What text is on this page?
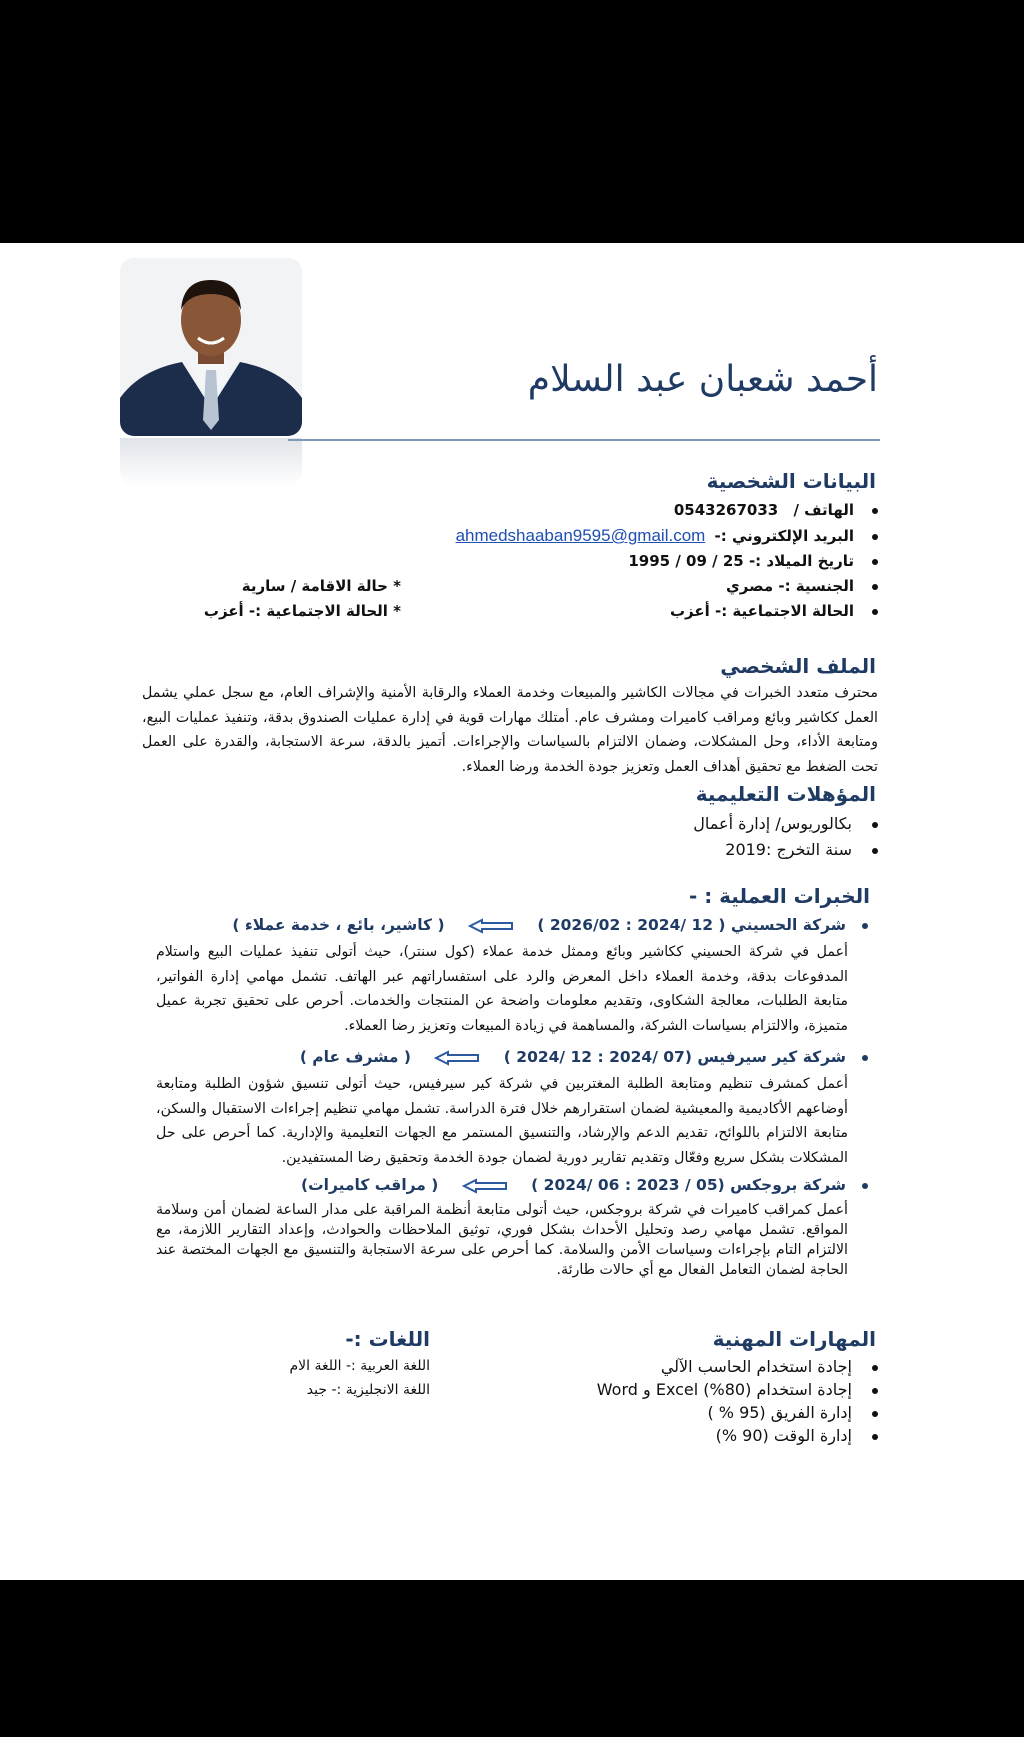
أحمد شعبان عبد السلام
البيانات الشخصية
الهاتف / 0543267033
البريد الإلكتروني :- ahmedshaaban9595@gmail.com
تاريخ الميلاد :- 25 / 09 / 1995
الجنسية :- مصري
الحالة الاجتماعية :- أعزب
* حالة الاقامة / سارية
* الحالة الاجتماعية :- أعزب
الملف الشخصي
محترف متعدد الخبرات في مجالات الكاشير والمبيعات وخدمة العملاء والرقابة الأمنية والإشراف العام، مع سجل عملي يشمل العمل ككاشير وبائع ومراقب كاميرات ومشرف عام. أمتلك مهارات قوية في إدارة عمليات الصندوق بدقة، وتنفيذ عمليات البيع، ومتابعة الأداء، وحل المشكلات، وضمان الالتزام بالسياسات والإجراءات. أتميز بالدقة، سرعة الاستجابة، والقدرة على العمل تحت الضغط مع تحقيق أهداف العمل وتعزيز جودة الخدمة ورضا العملاء.
المؤهلات التعليمية
بكالوريوس/ إدارة أعمال
سنة التخرج :2019
الخبرات العملية : -
شركة الحسيني ( 12 /2024 : 2026/02 )  ( كاشير، بائع ، خدمة عملاء )
أعمل في شركة الحسيني ككاشير وبائع وممثل خدمة عملاء (كول سنتر)، حيث أتولى تنفيذ عمليات البيع واستلام المدفوعات بدقة، وخدمة العملاء داخل المعرض والرد على استفساراتهم عبر الهاتف. تشمل مهامي إدارة الفواتير، متابعة الطلبات، معالجة الشكاوى، وتقديم معلومات واضحة عن المنتجات والخدمات. أحرص على تحقيق تجربة عميل متميزة، والالتزام بسياسات الشركة، والمساهمة في زيادة المبيعات وتعزيز رضا العملاء.
شركة كير سيرفيس (07 /2024 : 12 /2024 )  ( مشرف عام )
أعمل كمشرف تنظيم ومتابعة الطلبة المغتربين في شركة كير سيرفيس، حيث أتولى تنسيق شؤون الطلبة ومتابعة أوضاعهم الأكاديمية والمعيشية لضمان استقرارهم خلال فترة الدراسة. تشمل مهامي تنظيم إجراءات الاستقبال والسكن، متابعة الالتزام باللوائح، تقديم الدعم والإرشاد، والتنسيق المستمر مع الجهات التعليمية والإدارية. كما أحرص على حل المشكلات بشكل سريع وفعّال وتقديم تقارير دورية لضمان جودة الخدمة وتحقيق رضا المستفيدين.
شركة بروجكس (05 / 2023 : 06 /2024 )  ( مراقب كاميرات)
أعمل كمراقب كاميرات في شركة بروجكس، حيث أتولى متابعة أنظمة المراقبة على مدار الساعة لضمان أمن وسلامة المواقع. تشمل مهامي رصد وتحليل الأحداث بشكل فوري، توثيق الملاحظات والحوادث، وإعداد التقارير اللازمة، مع الالتزام التام بإجراءات وسياسات الأمن والسلامة. كما أحرص على سرعة الاستجابة والتنسيق مع الجهات المختصة عند الحاجة لضمان التعامل الفعال مع أي حالات طارئة.
المهارات المهنية
إجادة استخدام الحاسب الآلي
إجادة استخدام (80%) Excel و Word
إدارة الفريق (95 % )
إدارة الوقت (90 %)
اللغات :-
اللغة العربية :- اللغة الام
اللغة الانجليزية :- جيد
